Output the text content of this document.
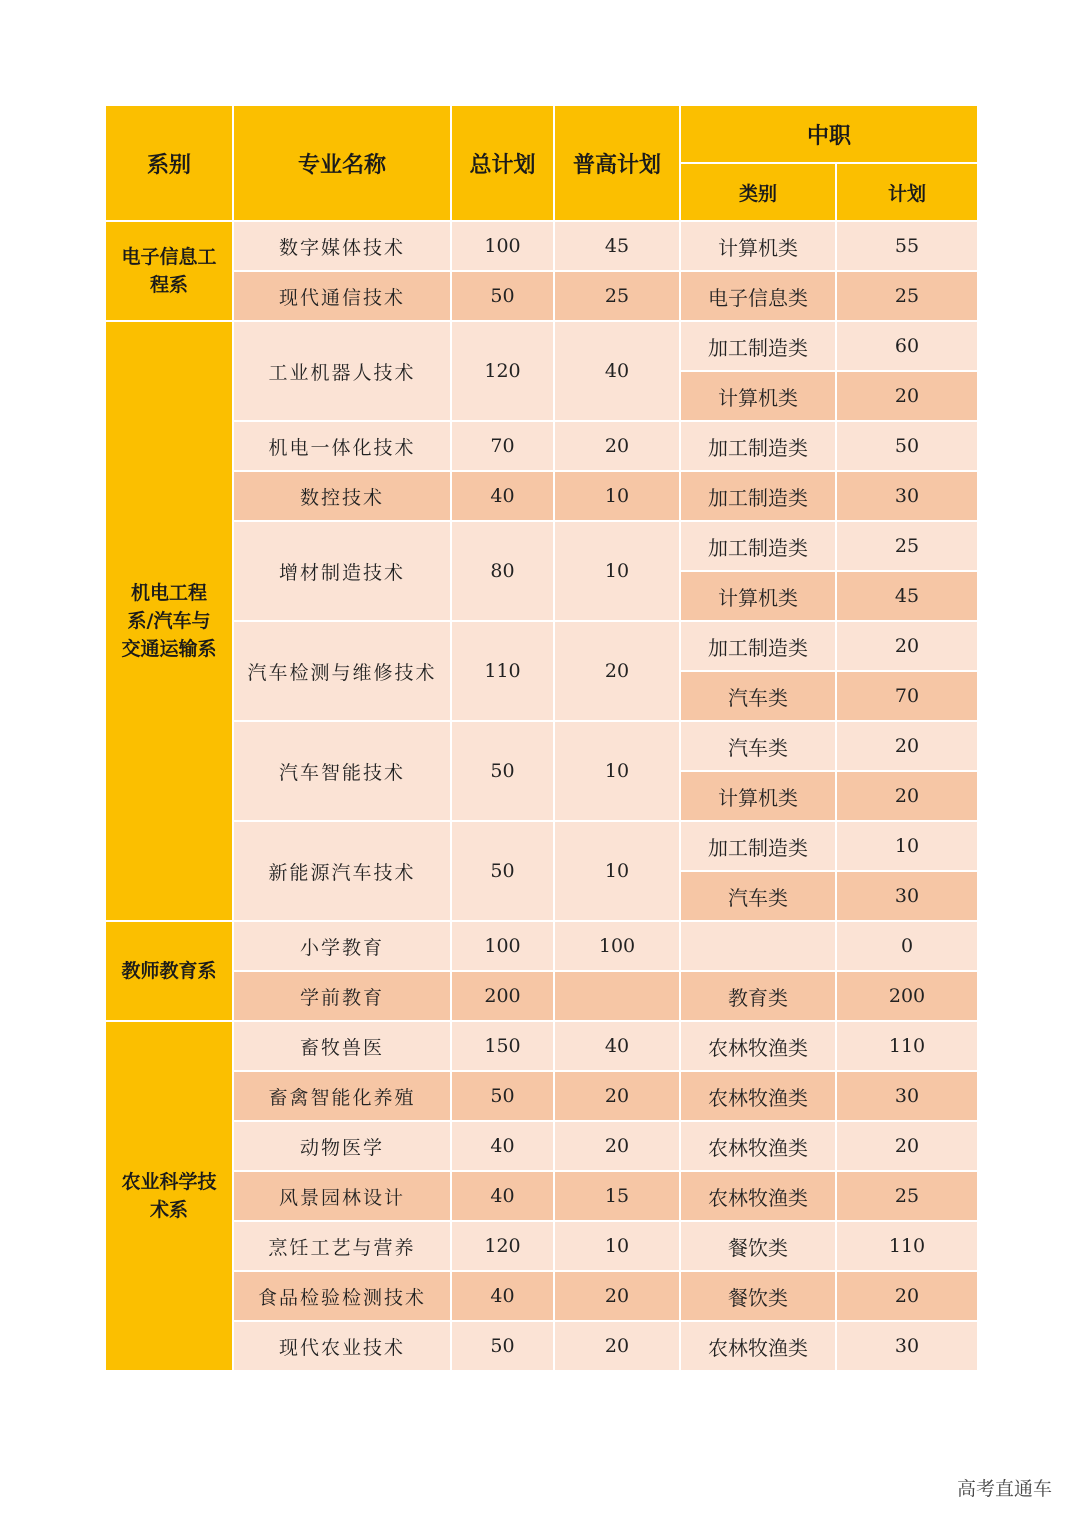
系别	专业名称	总计划	普高计划	中职	
				类别	计划
电子信息工程系	数字媒体技术	100	45	计算机类	55
	现代通信技术	50	25	电子信息类	25
机电工程系/汽车与交通运输系	工业机器人技术	120	40	加工制造类	60
				计算机类	20
	机电一体化技术	70	20	加工制造类	50
	数控技术	40	10	加工制造类	30
	增材制造技术	80	10	加工制造类	25
				计算机类	45
	汽车检测与维修技术	110	20	加工制造类	20
				汽车类	70
	汽车智能技术	50	10	汽车类	20
				计算机类	20
	新能源汽车技术	50	10	加工制造类	10
				汽车类	30
教师教育系	小学教育	100	100		0
	学前教育	200		教育类	200
农业科学技术系	畜牧兽医	150	40	农林牧渔类	110
	畜禽智能化养殖	50	20	农林牧渔类	30
	动物医学	40	20	农林牧渔类	20
	风景园林设计	40	15	农林牧渔类	25
	烹饪工艺与营养	120	10	餐饮类	110
	食品检验检测技术	40	20	餐饮类	20
	现代农业技术	50	20	农林牧渔类	30
高考直通车
